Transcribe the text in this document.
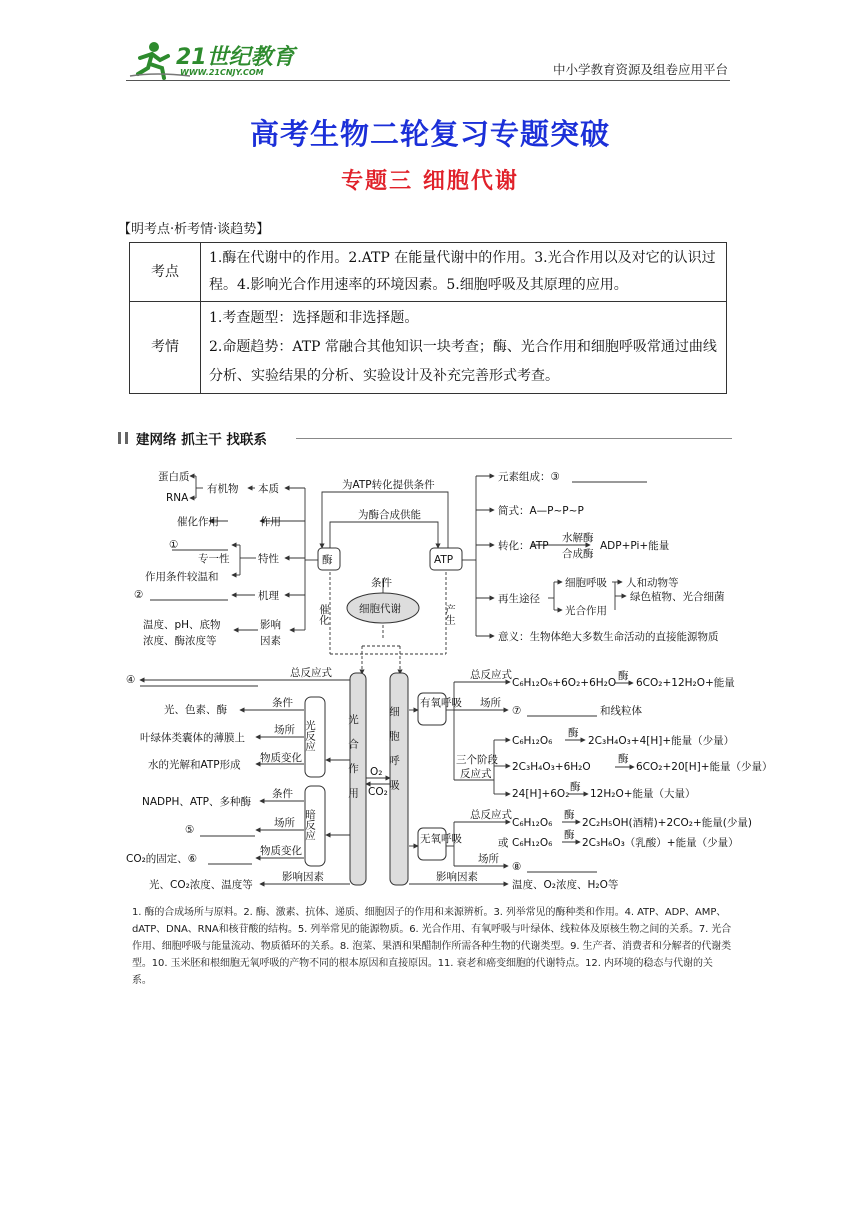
21世纪教育
WWW.21CNJY.COM	中小学教育资源及组卷应用平台
高考生物二轮复习专题突破
专题三 细胞代谢
【明考点·析考情·谈趋势】
考点	1.酶在代谢中的作用。2.ATP 在能量代谢中的作用。3.光合作用以及对它的认识过程。4.影响光合作用速率的环境因素。5.细胞呼吸及其原理的应用。
考情	1.考查题型：选择题和非选择题。
2.命题趋势：ATP 常融合其他知识一块考查；酶、光合作用和细胞呼吸常通过曲线分析、实验结果的分析、实验设计及补充完善形式考查。
建网络 抓主干 找联系
蛋白质
RNA
有机物 本质
催化作用	作用
①
专一性	特性
作用条件较温和
②	机理
温度、pH、底物
浓度、酶浓度等
影响
因素
为ATP转化提供条件
为酶合成供能
酶	ATP
条件
细胞代谢
催化	产生
元素组成：③
简式：A—P~P~P
转化：ATP
水解酶
合成酶
ADP+Pi+能量
再生途径
细胞呼吸
光合作用
人和动物等
绿色植物、光合细菌
意义：生物体绝大多数生命活动的直接能源物质
总反应式
④
光、色素、酶
条件
场所
叶绿体类囊体的薄膜上
物质变化
水的光解和ATP形成
光反应
NADPH、ATP、多种酶
条件
⑤
场所
CO₂的固定、⑥
物质变化
暗反应
光、CO₂浓度、温度等
影响因素
光合作用 O₂
CO₂ 细胞呼吸
有氧呼吸
无氧呼吸
总反应式
C₆H₁₂O₆+6O₂+6H₂O
酶
6CO₂+12H₂O+能量
场所
⑦	和线粒体
三个阶段
反应式
C₆H₁₂O₆
酶
2C₃H₄O₃+4[H]+能量（少量）
2C₃H₄O₃+6H₂O
酶
6CO₂+20[H]+能量（少量）
24[H]+6O₂
酶
12H₂O+能量（大量）
总反应式
C₆H₁₂O₆
酶
2C₂H₅OH(酒精)+2CO₂+能量(少量)
或 C₆H₁₂O₆
酶
2C₃H₆O₃（乳酸）+能量（少量）
场所
⑧
温度、O₂浓度、H₂O等
影响因素
1. 酶的合成场所与原料。2. 酶、激素、抗体、递质、细胞因子的作用和来源辨析。3. 列举常见的酶种类和作用。4. ATP、ADP、AMP、dATP、DNA、RNA和核苷酸的结构。5. 列举常见的能源物质。6. 光合作用、有氧呼吸与叶绿体、线粒体及原核生物之间的关系。7. 光合作用、细胞呼吸与能量流动、物质循环的关系。8. 泡菜、果酒和果醋制作所需各种生物的代谢类型。9. 生产者、消费者和分解者的代谢类型。10. 玉米胚和根细胞无氧呼吸的产物不同的根本原因和直接原因。11. 衰老和癌变细胞的代谢特点。12. 内环境的稳态与代谢的关系。
